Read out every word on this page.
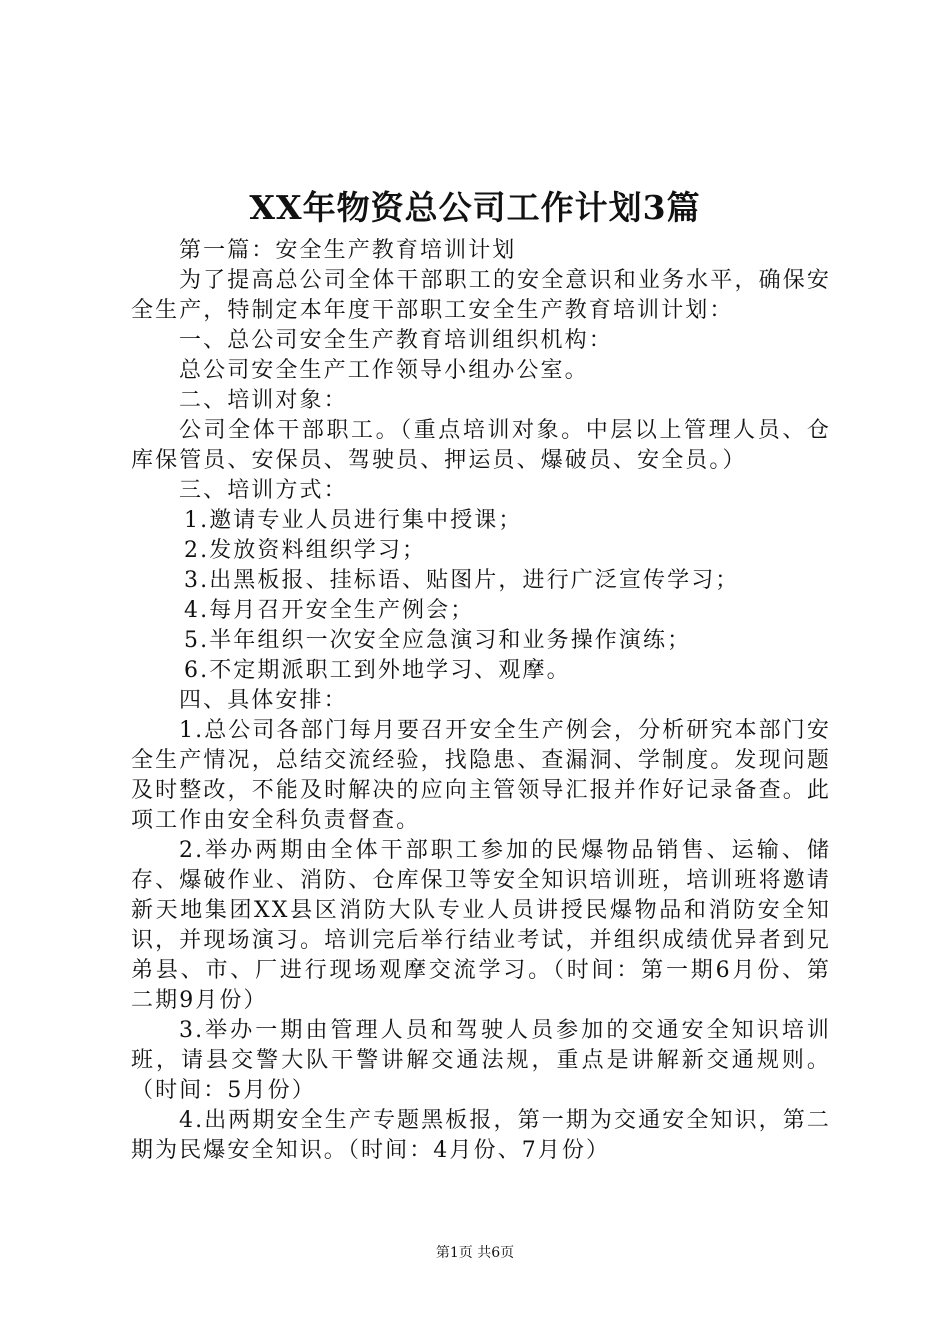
XX年物资总公司工作计划3篇

第一篇：安全生产教育培训计划

为了提高总公司全体干部职工的安全意识和业务水平，确保安全生产，特制定本年度干部职工安全生产教育培训计划：

一、总公司安全生产教育培训组织机构：

总公司安全生产工作领导小组办公室。

二、培训对象：

公司全体干部职工。（重点培训对象。中层以上管理人员、仓库保管员、安保员、驾驶员、押运员、爆破员、安全员。）

三、培训方式：

1.邀请专业人员进行集中授课；

2.发放资料组织学习；

3.出黑板报、挂标语、贴图片，进行广泛宣传学习；

4.每月召开安全生产例会；

5.半年组织一次安全应急演习和业务操作演练；

6.不定期派职工到外地学习、观摩。

四、具体安排：

1.总公司各部门每月要召开安全生产例会，分析研究本部门安全生产情况，总结交流经验，找隐患、查漏洞、学制度。发现问题及时整改，不能及时解决的应向主管领导汇报并作好记录备查。此项工作由安全科负责督查。

2.举办两期由全体干部职工参加的民爆物品销售、运输、储存、爆破作业、消防、仓库保卫等安全知识培训班，培训班将邀请新天地集团XX县区消防大队专业人员讲授民爆物品和消防安全知识，并现场演习。培训完后举行结业考试，并组织成绩优异者到兄弟县、市、厂进行现场观摩交流学习。（时间：第一期6月份、第二期9月份）

3.举办一期由管理人员和驾驶人员参加的交通安全知识培训班，请县交警大队干警讲解交通法规，重点是讲解新交通规则。（时间：5月份）

4.出两期安全生产专题黑板报，第一期为交通安全知识，第二期为民爆安全知识。（时间：4月份、7月份）

第1页 共6页
